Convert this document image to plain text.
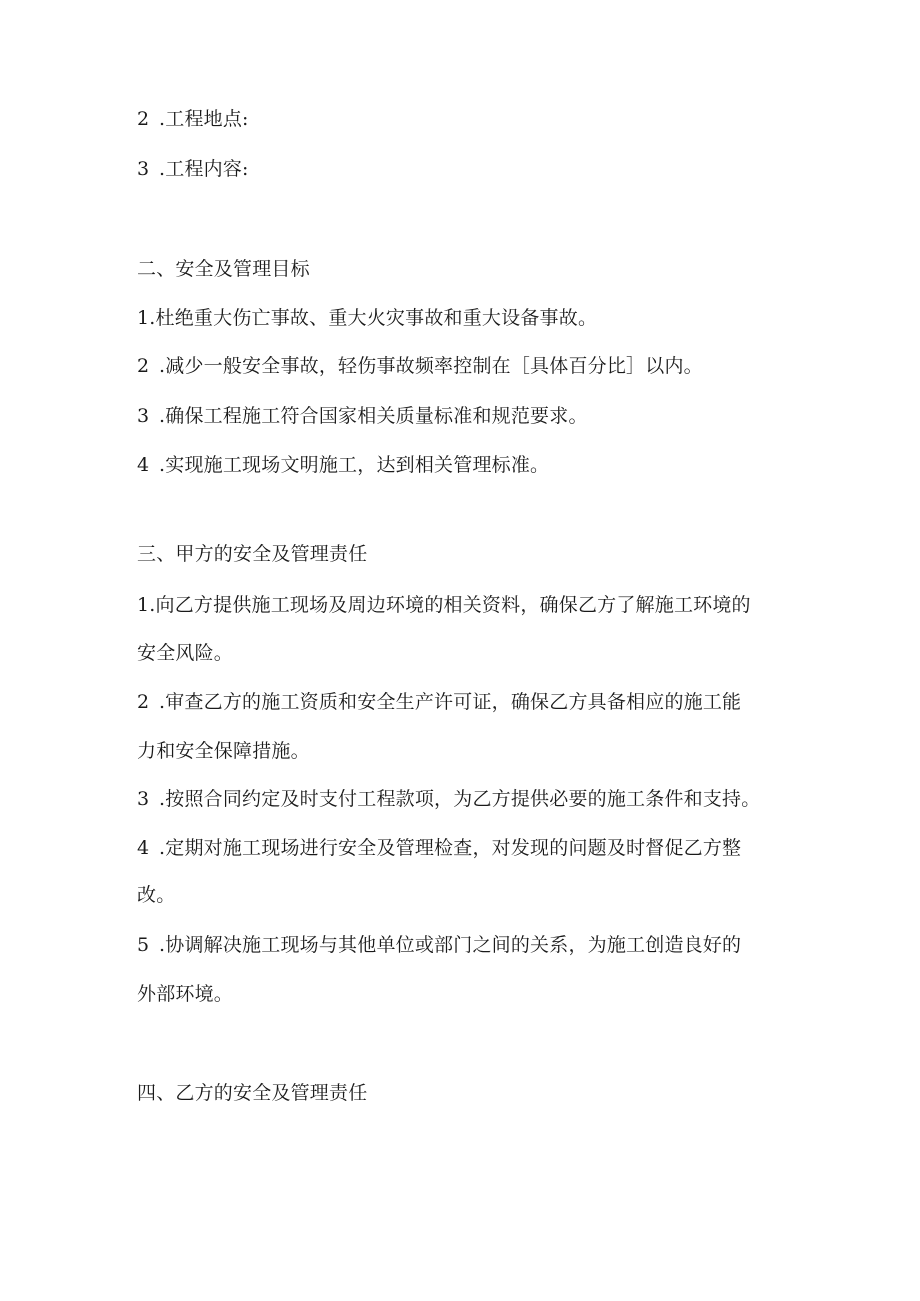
2 .工程地点:
3 .工程内容:
二、安全及管理目标
1.杜绝重大伤亡事故、重大火灾事故和重大设备事故。
2 .减少一般安全事故，轻伤事故频率控制在［具体百分比］以内。
3 .确保工程施工符合国家相关质量标准和规范要求。
4 .实现施工现场文明施工，达到相关管理标准。
三、甲方的安全及管理责任
1.向乙方提供施工现场及周边环境的相关资料，确保乙方了解施工环境的
安全风险。
2 .审查乙方的施工资质和安全生产许可证，确保乙方具备相应的施工能
力和安全保障措施。
3 .按照合同约定及时支付工程款项，为乙方提供必要的施工条件和支持。
4 .定期对施工现场进行安全及管理检查，对发现的问题及时督促乙方整
改。
5 .协调解决施工现场与其他单位或部门之间的关系，为施工创造良好的
外部环境。
四、乙方的安全及管理责任
